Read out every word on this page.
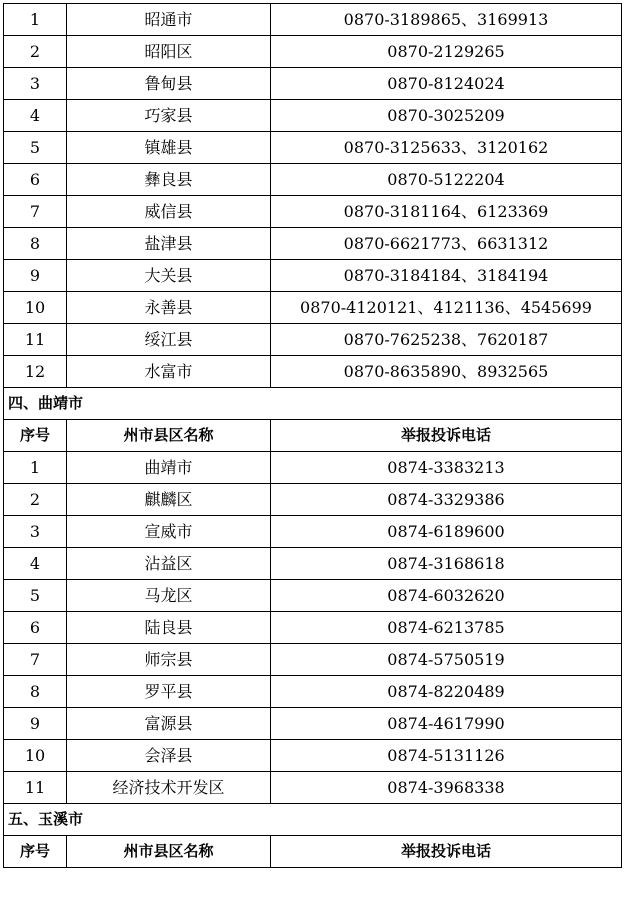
1	昭通市	0870-3189865、3169913
2	昭阳区	0870-2129265
3	鲁甸县	0870-8124024
4	巧家县	0870-3025209
5	镇雄县	0870-3125633、3120162
6	彝良县	0870-5122204
7	威信县	0870-3181164、6123369
8	盐津县	0870-6621773、6631312
9	大关县	0870-3184184、3184194
10	永善县	0870-4120121、4121136、4545699
11	绥江县	0870-7625238、7620187
12	水富市	0870-8635890、8932565
四、曲靖市		
序号	州市县区名称	举报投诉电话
1	曲靖市	0874-3383213
2	麒麟区	0874-3329386
3	宣威市	0874-6189600
4	沾益区	0874-3168618
5	马龙区	0874-6032620
6	陆良县	0874-6213785
7	师宗县	0874-5750519
8	罗平县	0874-8220489
9	富源县	0874-4617990
10	会泽县	0874-5131126
11	经济技术开发区	0874-3968338
五、玉溪市		
序号	州市县区名称	举报投诉电话
